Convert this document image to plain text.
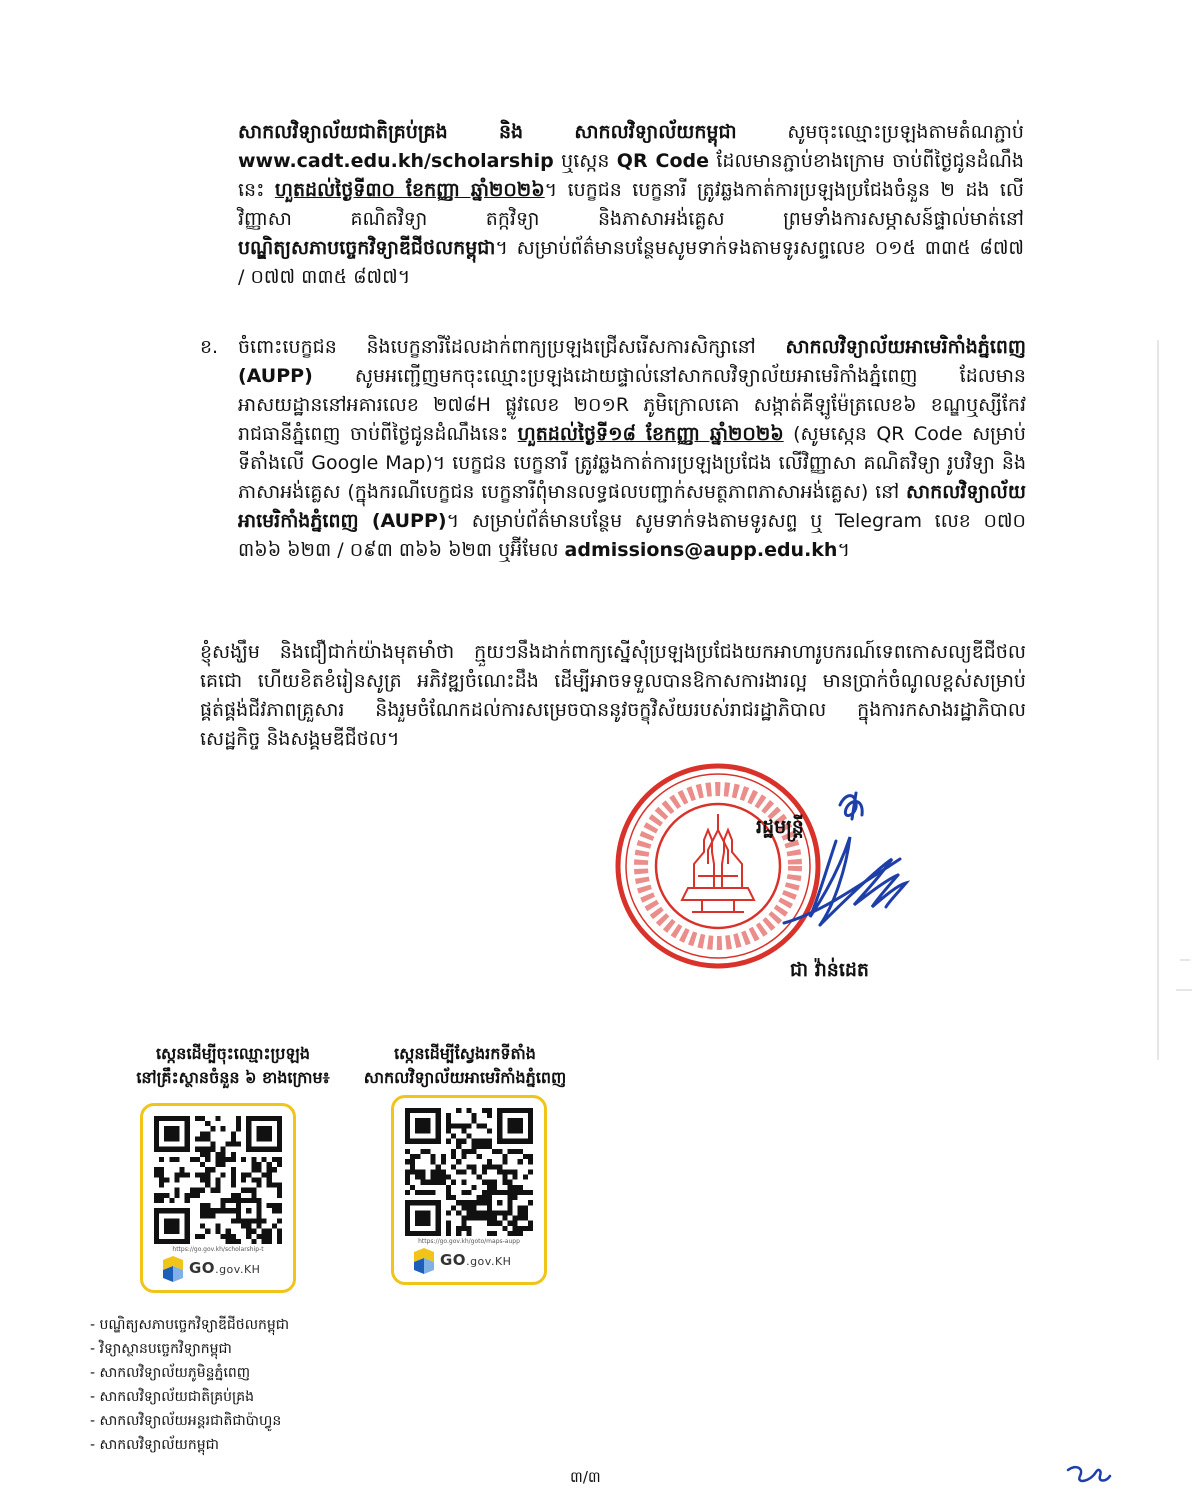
សាកលវិទ្យាល័យជាតិគ្រប់គ្រង និង សាកលវិទ្យាល័យកម្ពុជា សូមចុះឈ្មោះប្រឡងតាមតំណភ្ជាប់ www.cadt.edu.kh/scholarship ឬស្កេន QR Code ដែលមានភ្ជាប់ខាងក្រោម ចាប់ពីថ្ងៃជូនដំណឹងនេះ ហួតដល់ថ្ងៃទី៣០ ខែកញ្ញា ឆ្នាំ២០២៦។ បេក្ខជន បេក្ខនារី ត្រូវឆ្លងកាត់ការប្រឡងប្រជែងចំនួន ២ ដង លើវិញ្ញាសា គណិតវិទ្យា តក្កវិទ្យា និងភាសាអង់គ្លេស ព្រមទាំងការសម្ភាសន៍ផ្ទាល់មាត់នៅបណ្ឌិត្យសភាបច្ចេកវិទ្យាឌីជីថលកម្ពុជា។ សម្រាប់ព័ត៌មានបន្ថែមសូមទាក់ទងតាមទូរសព្ទលេខ ០១៥ ៣៣៥ ៨៧៧ / ០៧៧ ៣៣៥ ៨៧៧។
ខ.	ចំពោះបេក្ខជន និងបេក្ខនារីដែលដាក់ពាក្យប្រឡងជ្រើសរើសការសិក្សានៅ សាកលវិទ្យាល័យអាមេរិកាំងភ្នំពេញ (AUPP) សូមអញ្ជើញមកចុះឈ្មោះប្រឡងដោយផ្ទាល់នៅសាកលវិទ្យាល័យអាមេរិកាំងភ្នំពេញ ដែលមានអាសយដ្ឋាននៅអគារលេខ ២៧៨H ផ្លូវលេខ ២០១R ភូមិក្រោលគោ សង្កាត់គីឡូម៉ែត្រលេខ៦ ខណ្ឌឬស្សីកែវ រាជធានីភ្នំពេញ ចាប់ពីថ្ងៃជូនដំណឹងនេះ ហួតដល់ថ្ងៃទី១៨ ខែកញ្ញា ឆ្នាំ២០២៦ (សូមស្កេន QR Code សម្រាប់ទីតាំងលើ Google Map)។ បេក្ខជន បេក្ខនារី ត្រូវឆ្លងកាត់ការប្រឡងប្រជែង លើវិញ្ញាសា គណិតវិទ្យា រូបវិទ្យា និងភាសាអង់គ្លេស (ក្នុងករណីបេក្ខជន បេក្ខនារីពុំមានលទ្ធផលបញ្ជាក់សមត្ថភាពភាសាអង់គ្លេស) នៅ សាកលវិទ្យាល័យអាមេរិកាំងភ្នំពេញ (AUPP)។ សម្រាប់ព័ត៌មានបន្ថែម សូមទាក់ទងតាមទូរសព្ទ ឬ Telegram លេខ ០៧០ ៣៦៦ ៦២៣ / ០៩៣ ៣៦៦ ៦២៣ ឬអ៊ីមែល admissions@aupp.edu.kh។
ខ្ញុំសង្ឃឹម និងជឿជាក់យ៉ាងមុតមាំថា ក្មួយៗនឹងដាក់ពាក្យស្នើសុំប្រឡងប្រជែងយកអាហារូបករណ៍ទេពកោសល្យឌីជីថលគេជោ ហើយខិតខំរៀនសូត្រ អភិវឌ្ឍចំណេះដឹង ដើម្បីអាចទទួលបានឱកាសការងារល្អ មានប្រាក់ចំណូលខ្ពស់សម្រាប់ផ្គត់ផ្គង់ជីវភាពគ្រួសារ និងរួមចំណែកដល់ការសម្រេចបាននូវចក្ខុវិស័យរបស់រាជរដ្ឋាភិបាល ក្នុងការកសាងរដ្ឋាភិបាល សេដ្ឋកិច្ច និងសង្គមឌីជីថល។
រដ្ឋមន្ត្រី
ជា វ៉ាន់ដេត
ស្កេនដើម្បីចុះឈ្មោះប្រឡង
នៅគ្រឹះស្ថានចំនួន ៦ ខាងក្រោម៖
ស្កេនដើម្បីស្វែងរកទីតាំង
សាកលវិទ្យាល័យអាមេរិកាំងភ្នំពេញ
https://go.gov.kh/scholarship-t
GO.gov.KH
https://go.gov.kh/goto/maps-aupp
GO.gov.KH
- បណ្ឌិត្យសភាបច្ចេកវិទ្យាឌីជីថលកម្ពុជា
- វិទ្យាស្ថានបច្ចេកវិទ្យាកម្ពុជា
- សាកលវិទ្យាល័យភូមិន្ទភ្នំពេញ
- សាកលវិទ្យាល័យជាតិគ្រប់គ្រង
- សាកលវិទ្យាល័យអន្តរជាតិជាប៉ាហ្វូន
- សាកលវិទ្យាល័យកម្ពុជា
៣/៣
